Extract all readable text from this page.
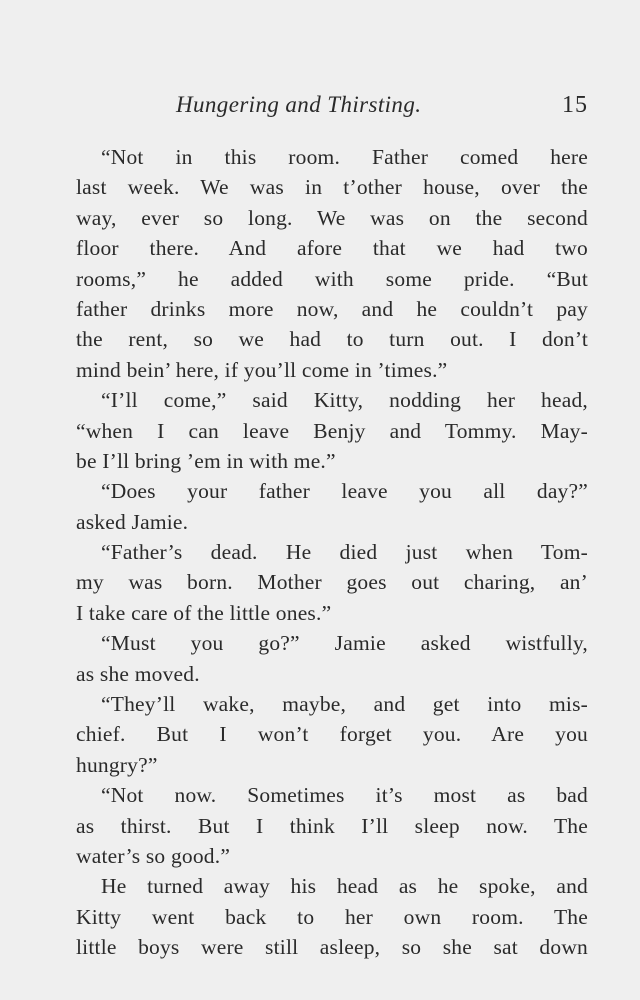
Hungering and Thirsting.	15
“Not in this room. Father comed here
last week. We was in t’other house, over the
way, ever so long. We was on the second
floor there. And afore that we had two
rooms,” he added with some pride. “But
father drinks more now, and he couldn’t pay
the rent, so we had to turn out. I don’t
mind bein’ here, if you’ll come in ’times.”
“I’ll come,” said Kitty, nodding her head,
“when I can leave Benjy and Tommy. May-
be I’ll bring ’em in with me.”
“Does your father leave you all day?”
asked Jamie.
“Father’s dead. He died just when Tom-
my was born. Mother goes out charing, an’
I take care of the little ones.”
“Must you go?” Jamie asked wistfully,
as she moved.
“They’ll wake, maybe, and get into mis-
chief. But I won’t forget you. Are you
hungry?”
“Not now. Sometimes it’s most as bad
as thirst. But I think I’ll sleep now. The
water’s so good.”
He turned away his head as he spoke, and
Kitty went back to her own room. The
little boys were still asleep, so she sat down
